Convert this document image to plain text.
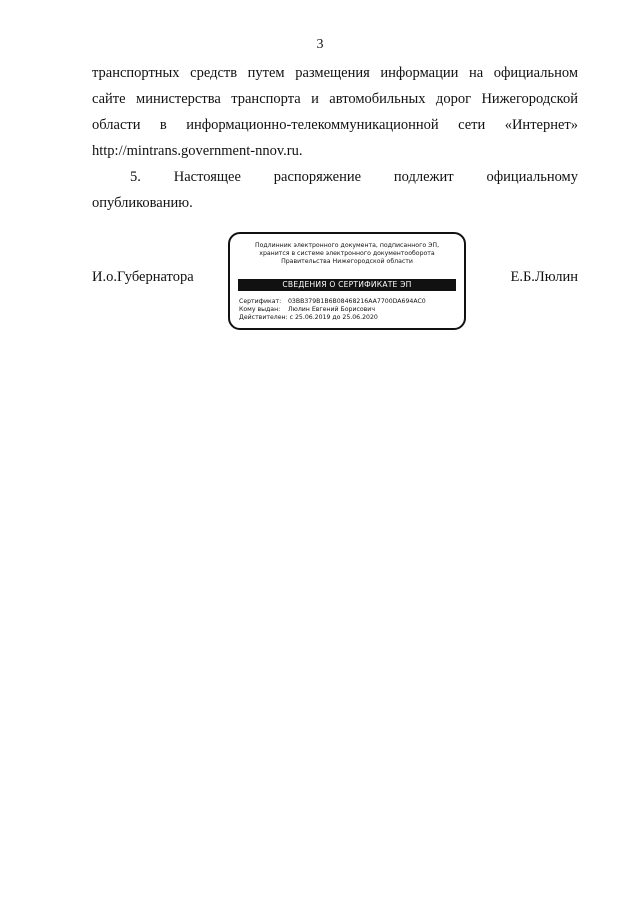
3
транспортных средств путем размещения информации на официальном
сайте министерства транспорта и автомобильных дорог Нижегородской
области в информационно-телекоммуникационной сети «Интернет»
http://mintrans.government-nnov.ru.
5. Настоящее распоряжение подлежит официальному
опубликованию.
И.о.Губернатора
Подлинник электронного документа, подписанного ЭП,
хранится в системе электронного документооборота
Правительства Нижегородской области
СВЕДЕНИЯ О СЕРТИФИКАТЕ ЭП
Сертификат: 03BB379B1B6B08468216AA7700DA694AC0
Кому выдан: Люлин Евгений Борисович
Действителен: с 25.06.2019 до 25.06.2020
Е.Б.Люлин
